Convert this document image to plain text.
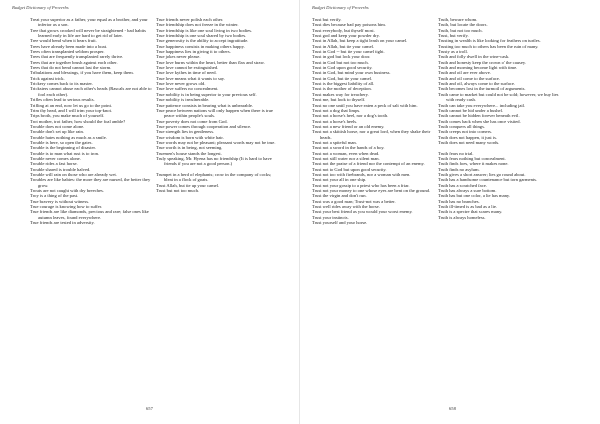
Budget Dictionary of Proverbs

Treat your superior as a father, your equal as a brother, and your inferior as a son.

Tree that grows crooked will never be straightened - bad habits learned early in life are hard to get rid of later.

Tree would bend when it bears fruit.

Trees have already been made into a boat.

Trees often transplanted seldom prosper.

Trees that are frequently transplanted rarely thrive.

Trees that are together brush against each other.

Trees that do not bend cannot last the storm.

Tribulations and blessings, if you have them, keep them.

Trick against trick.

Trickery comes back to its master.

Tricksters cannot abuse each other's heads (Rascals are not able to fool each other).

Trifles often lead to serious results.

Trifling at an end, now let us go to the point.

Trim thy head, and I will trim your top-knot.

Trips broth, you make much of yourself.

Trot mother, trot father, how should the foal amble?

Trouble does not come alone.

Trouble don't set up like rain.

Trouble hates nothing as much as a smile.

Trouble is here, so open the gates.

Trouble is the beginning of disaster.

Trouble is to man what rust is to iron.

Trouble never comes alone.

Trouble rides a fast horse.

Trouble shared is trouble halved.

Trouble will rain on those who are already wet.

Troubles are like babies: the more they are nursed, the better they grow.

Trouts are not caught with dry breeches.

Troy is a thing of the past.

True bravery is without witness.

True courage is knowing how to suffer.

True friends are like diamonds, precious and rare; false ones like autumn leaves, found everywhere.

True friends are tested in adversity.

True friends never polish each other.

True friendship does not freeze in the winter.

True friendship is like one soul living in two bodies.

True friendship is one soul shared by two bodies.

True generosity is the ability to accept ingratitude.

True happiness consists in making others happy.

True happiness lies in giving it to others.

True jokes never please.

True love burns within the heart, better than flax and straw.

True love cannot be extinguished.

True love kythes in time of need.

True love means what it wants to say.

True love never grows old.

True love suffers no concealment.

True nobility is in being superior to your previous self.

True nobility is invulnerable.

True patience consists in bearing what is unbearable.

True peace between nations will only happen when there is true peace within people's souls.

True poverty does not come from God.

True power comes through cooperation and silence.

True strength lies in gentleness.

True wisdom is born with white hair.

True words may not be pleasant; pleasant words may not be true.

True worth is in being, not seeming.

Truemen's house stands the longest.

Truly speaking, Mr. Hyena has no friendship (It is hard to have friends if you are not a good person.)

Trumpet in a herd of elephants; crow in the company of cocks; bleat in a flock of goats.

Trust Allah, but tie up your camel.

Trust but not too much.

657
Budget Dictionary of Proverbs

Trust but verify.

Trust dies because bad pay poisons him.

Trust everybody, but thyself most.

Trust god and keep your powder dry.

Trust in Allah, but keep a tight leash on your camel.

Trust in Allah, but tie your camel.

Trust in God -- but tie your camel tight.

Trust in god but lock your door.

Trust in God but not too much.

Trust in God upon good security.

Trust in God, but mind your own business.

Trust in God, but tie your camel.

Trust is the biggest liability of all.

Trust is the mother of deception.

Trust makes way for treachery.

Trust me, but look to thyself.

Trust no one until you have eaten a peck of salt with him.

Trust not a dog that limps.

Trust not a horse's heel, nor a dog's tooth.

Trust not a horse's heels.

Trust not a new friend or an old enemy.

Trust not a skittish horse, nor a great lord, when they shake their heads.

Trust not a spiteful man.

Trust not a sword in the hands of a boy.

Trust not a woman, even when dead.

Trust not still water nor a silent man.

Trust not the praise of a friend nor the contempt of an enemy.

Trust not to God but upon good security.

Trust not too with firebrands, nor a woman with men.

Trust not your all in one ship.

Trust not your gossip to a priest who has been a friar.

Trust not your money to one whose eyes are bent on the ground.

Trust the virgin and don't run.

Trust was a good man; Trust-not was a better.

Trust well rides away with the horse.

Trust your best friend as you would your worst enemy.

Trust your instincts.

Trust yourself and your horse.

Truth, beware whom.

Truth, but locate the doors.

Truth, but not too much.

Trust, but verify.

Trusting in wealth is like looking for feathers on turtles.

Trusting too much to others has been the ruin of many.

Trusty as a troll.

Truth and folly dwell in the wine-cask.

Truth and honesty keep the crown o' the causey.

Truth and morning become light with time.

Truth and oil are ever above.

Truth and oil come to the surface.

Truth and oil, always come to the surface.

Truth becomes lost in the turmoil of arguments.

Truth came to market but could not be sold; however, we buy lies with ready cash.

Truth can take you everywhere... including jail.

Truth cannot be hid under a bushel.

Truth cannot be hidden forever beneath evil.

Truth comes back when she has once visited.

Truth conquers all things.

Truth creeps not into corners.

Truth does not happen, it just is.

Truth does not need many words.

Truth fears no trial.

Truth fears nothing but concealment.

Truth finds foes, where it makes none.

Truth finds no asylum.

Truth gives a short answer; lies go round about.

Truth has a handsome countenance but torn garments.

Truth has a scratched face.

Truth has always a sure bottom.

Truth has but one color, a lie has many.

Truth has no branches.

Truth ill-timed is as bad as a lie.

Truth is a spectre that scares many.

Truth is always homeless.

658
